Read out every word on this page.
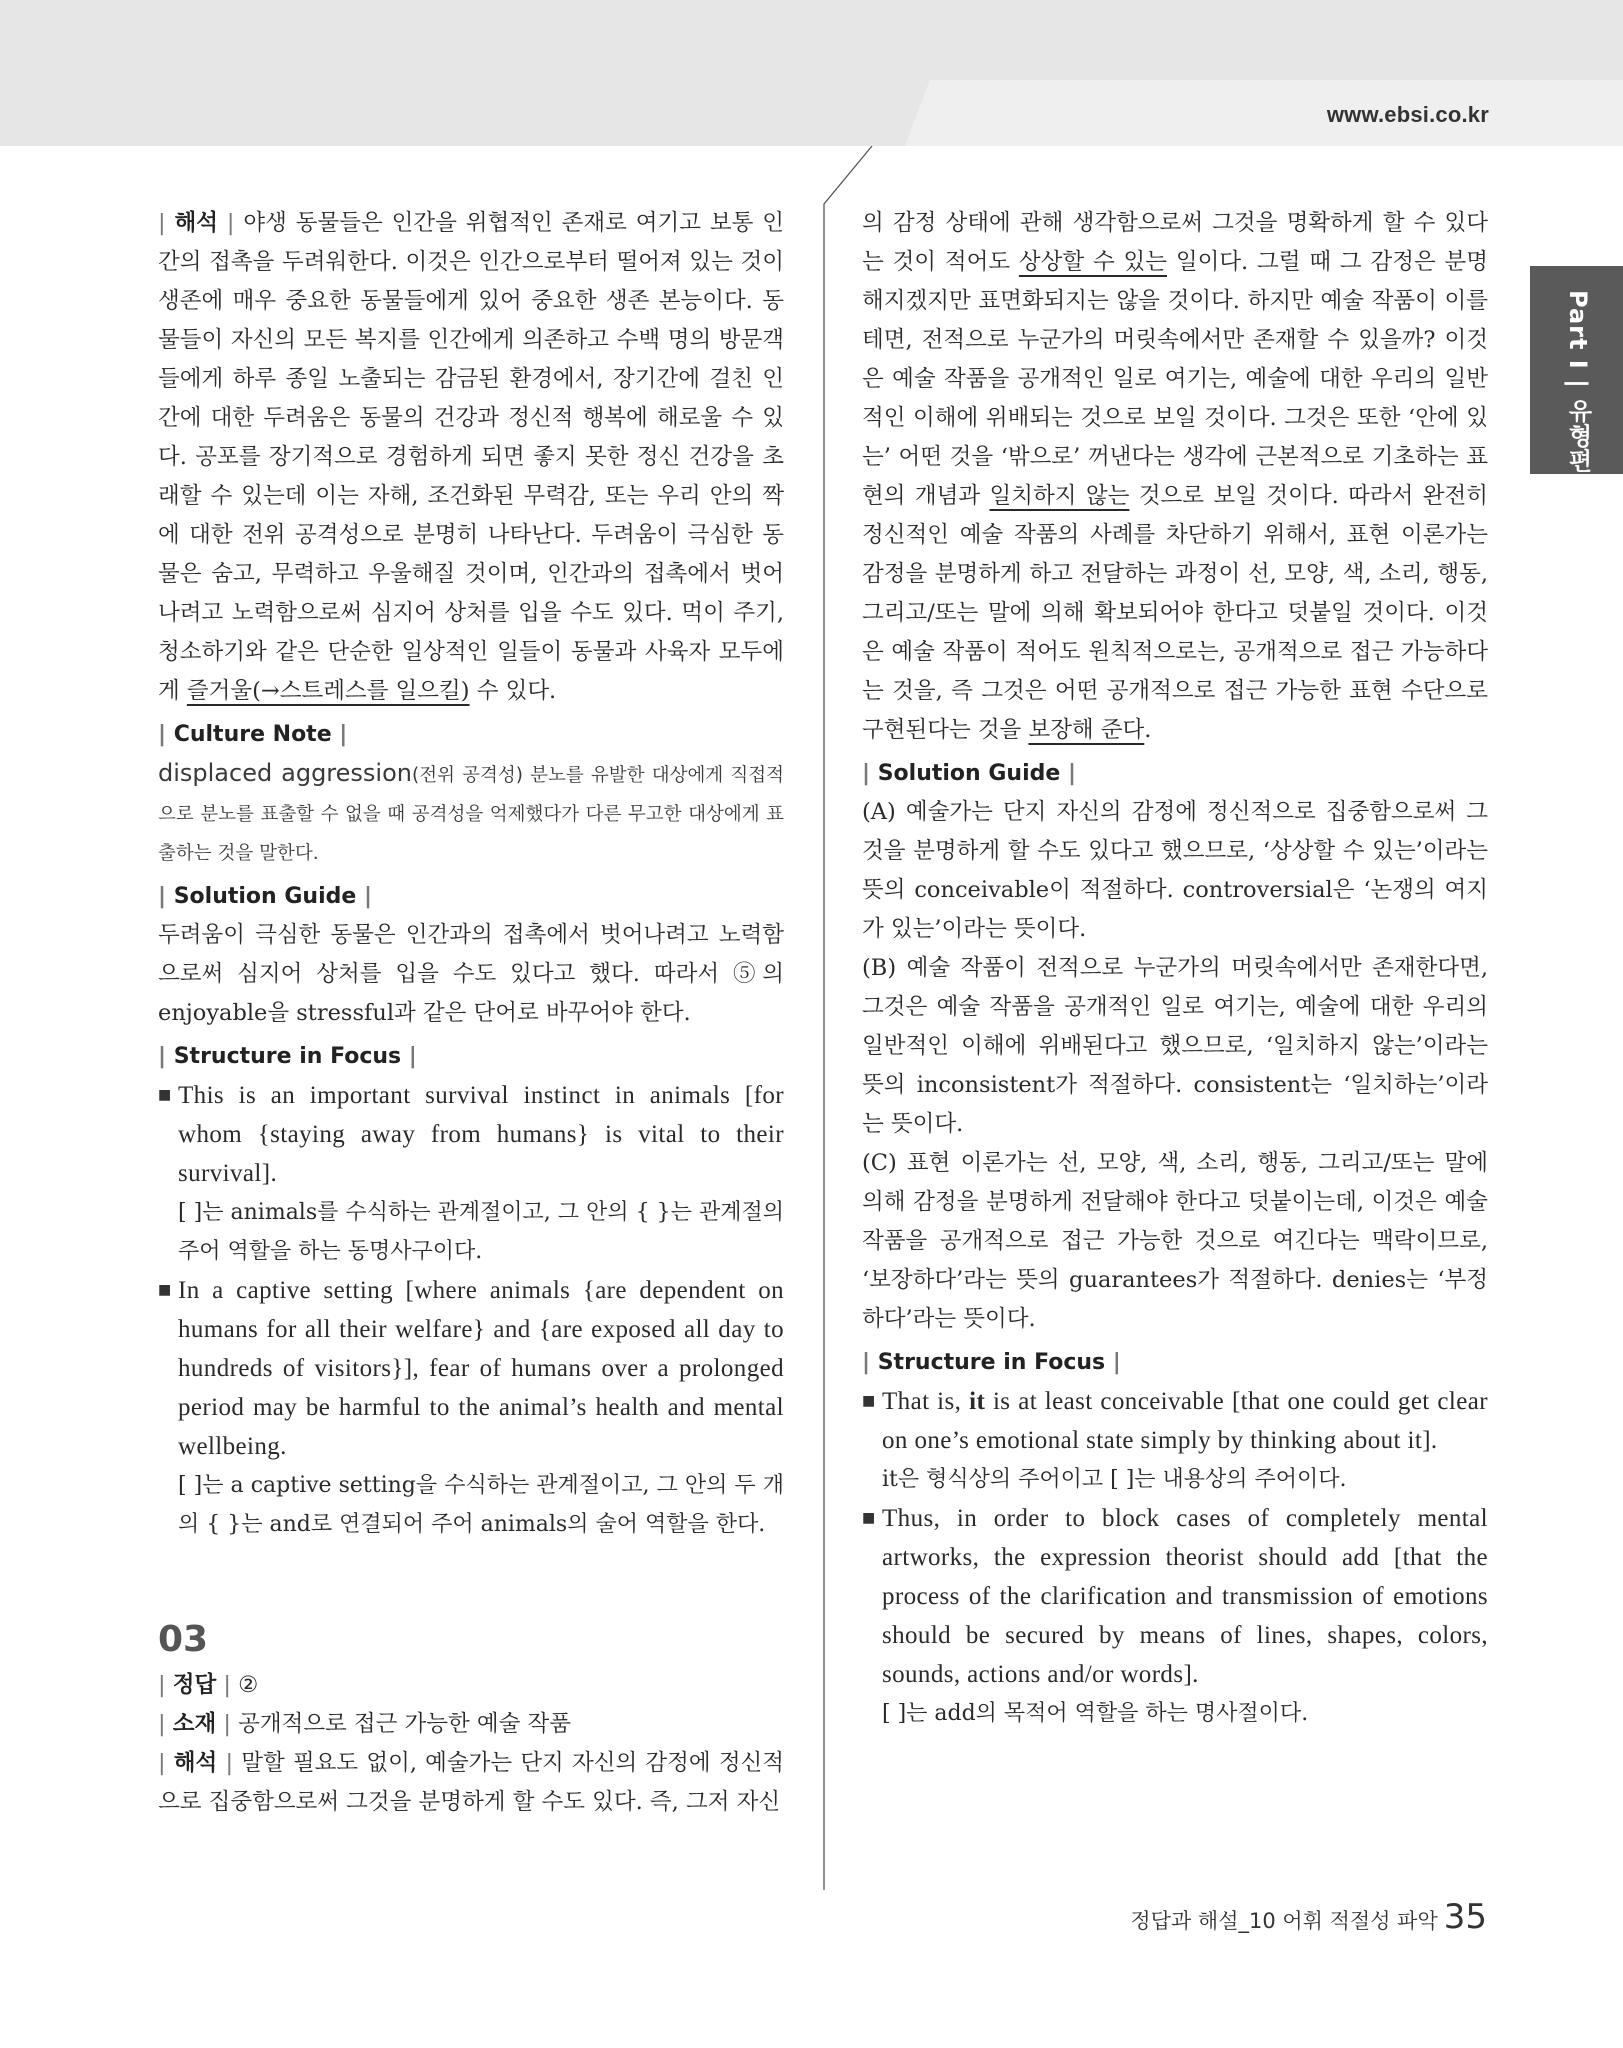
www.ebsi.co.kr
Part I | 유형편

| 해석 | 야생 동물들은 인간을 위협적인 존재로 여기고 보통 인간의 접촉을 두려워한다. 이것은 인간으로부터 떨어져 있는 것이 생존에 매우 중요한 동물들에게 있어 중요한 생존 본능이다. 동물들이 자신의 모든 복지를 인간에게 의존하고 수백 명의 방문객들에게 하루 종일 노출되는 감금된 환경에서, 장기간에 걸친 인간에 대한 두려움은 동물의 건강과 정신적 행복에 해로울 수 있다. 공포를 장기적으로 경험하게 되면 좋지 못한 정신 건강을 초래할 수 있는데 이는 자해, 조건화된 무력감, 또는 우리 안의 짝에 대한 전위 공격성으로 분명히 나타난다. 두려움이 극심한 동물은 숨고, 무력하고 우울해질 것이며, 인간과의 접촉에서 벗어나려고 노력함으로써 심지어 상처를 입을 수도 있다. 먹이 주기, 청소하기와 같은 단순한 일상적인 일들이 동물과 사육자 모두에게 즐거울(→스트레스를 일으킬) 수 있다.

| Culture Note |

displaced aggression(전위 공격성) 분노를 유발한 대상에게 직접적으로 분노를 표출할 수 없을 때 공격성을 억제했다가 다른 무고한 대상에게 표출하는 것을 말한다.

| Solution Guide |

두려움이 극심한 동물은 인간과의 접촉에서 벗어나려고 노력함으로써 심지어 상처를 입을 수도 있다고 했다. 따라서 ⑤의 enjoyable을 stressful과 같은 단어로 바꾸어야 한다.

| Structure in Focus |
■ This is an important survival instinct in animals [for whom {staying away from humans} is vital to their survival].

[ ]는 animals를 수식하는 관계절이고, 그 안의 { }는 관계절의 주어 역할을 하는 동명사구이다.

■ In a captive setting [where animals {are dependent on humans for all their welfare} and {are exposed all day to hundreds of visitors}], fear of humans over a prolonged period may be harmful to the animal’s health and mental wellbeing.

[ ]는 a captive setting을 수식하는 관계절이고, 그 안의 두 개의 { }는 and로 연결되어 주어 animals의 술어 역할을 한다.

03

| 정답 | ②

| 소재 | 공개적으로 접근 가능한 예술 작품

| 해석 | 말할 필요도 없이, 예술가는 단지 자신의 감정에 정신적으로 집중함으로써 그것을 분명하게 할 수도 있다. 즉, 그저 자신

의 감정 상태에 관해 생각함으로써 그것을 명확하게 할 수 있다는 것이 적어도 상상할 수 있는 일이다. 그럴 때 그 감정은 분명해지겠지만 표면화되지는 않을 것이다. 하지만 예술 작품이 이를테면, 전적으로 누군가의 머릿속에서만 존재할 수 있을까? 이것은 예술 작품을 공개적인 일로 여기는, 예술에 대한 우리의 일반적인 이해에 위배되는 것으로 보일 것이다. 그것은 또한 ‘안에 있는’ 어떤 것을 ‘밖으로’ 꺼낸다는 생각에 근본적으로 기초하는 표현의 개념과 일치하지 않는 것으로 보일 것이다. 따라서 완전히 정신적인 예술 작품의 사례를 차단하기 위해서, 표현 이론가는 감정을 분명하게 하고 전달하는 과정이 선, 모양, 색, 소리, 행동, 그리고/또는 말에 의해 확보되어야 한다고 덧붙일 것이다. 이것은 예술 작품이 적어도 원칙적으로는, 공개적으로 접근 가능하다는 것을, 즉 그것은 어떤 공개적으로 접근 가능한 표현 수단으로 구현된다는 것을 보장해 준다.

| Solution Guide |

(A) 예술가는 단지 자신의 감정에 정신적으로 집중함으로써 그것을 분명하게 할 수도 있다고 했으므로, ‘상상할 수 있는’이라는 뜻의 conceivable이 적절하다. controversial은 ‘논쟁의 여지가 있는’이라는 뜻이다.

(B) 예술 작품이 전적으로 누군가의 머릿속에서만 존재한다면, 그것은 예술 작품을 공개적인 일로 여기는, 예술에 대한 우리의 일반적인 이해에 위배된다고 했으므로, ‘일치하지 않는’이라는 뜻의 inconsistent가 적절하다. consistent는 ‘일치하는’이라는 뜻이다.

(C) 표현 이론가는 선, 모양, 색, 소리, 행동, 그리고/또는 말에 의해 감정을 분명하게 전달해야 한다고 덧붙이는데, 이것은 예술 작품을 공개적으로 접근 가능한 것으로 여긴다는 맥락이므로, ‘보장하다’라는 뜻의 guarantees가 적절하다. denies는 ‘부정하다’라는 뜻이다.

| Structure in Focus |
■ That is, it is at least conceivable [that one could get clear on one’s emotional state simply by thinking about it].

it은 형식상의 주어이고 [ ]는 내용상의 주어이다.

■ Thus, in order to block cases of completely mental artworks, the expression theorist should add [that the process of the clarification and transmission of emotions should be secured by means of lines, shapes, colors, sounds, actions and/or words].

[ ]는 add의 목적어 역할을 하는 명사절이다.

정답과 해설_10 어휘 적절성 파악 35
